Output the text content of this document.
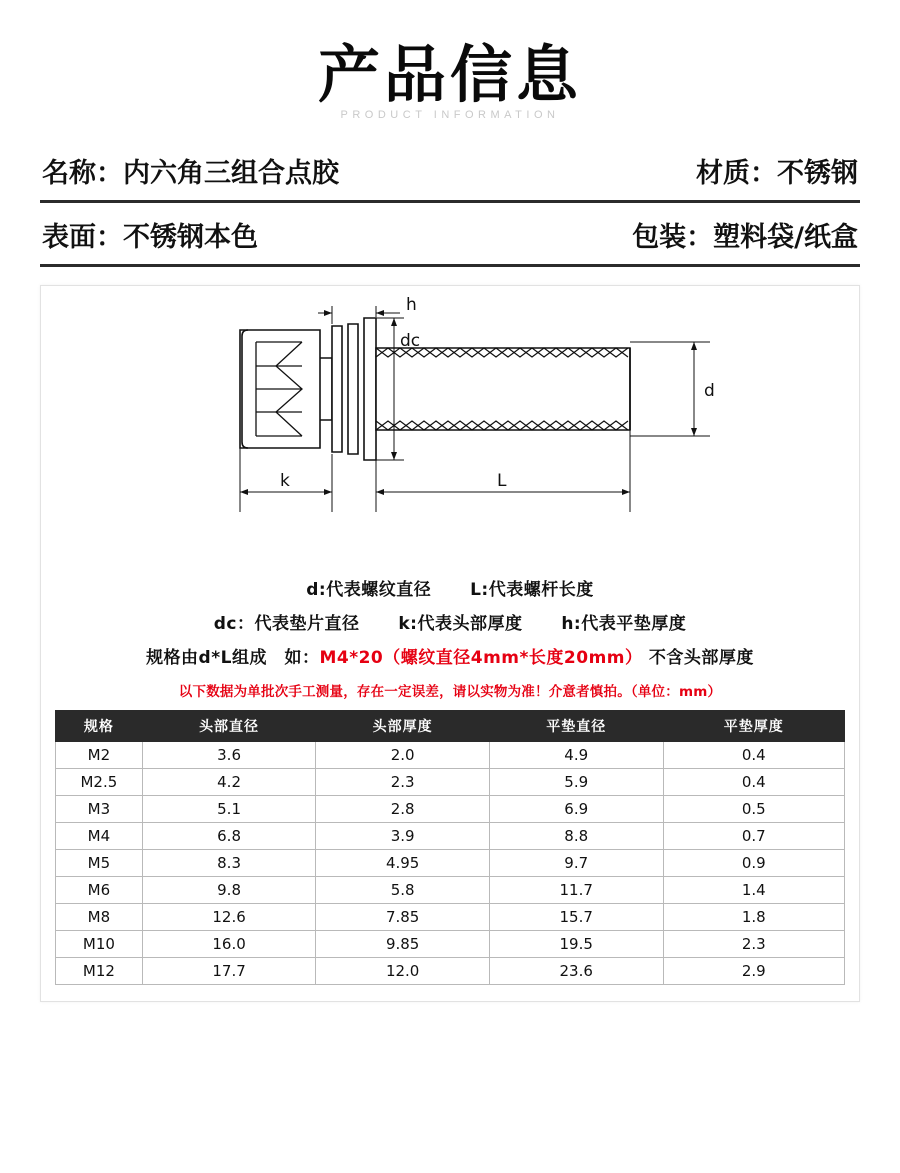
产品信息
PRODUCT INFORMATION
名称：内六角三组合点胶	材质：不锈钢
表面：不锈钢本色	包装：塑料袋/纸盒
h
dc
d
k	L
d:代表螺纹直径 L:代表螺杆长度
dc：代表垫片直径 k:代表头部厚度 h:代表平垫厚度
规格由d*L组成　如：M4*20（螺纹直径4mm*长度20mm） 不含头部厚度
以下数据为单批次手工测量，存在一定误差，请以实物为准！介意者慎拍。（单位：mm）
规格	头部直径	头部厚度	平垫直径	平垫厚度
M2	3.6	2.0	4.9	0.4
M2.5	4.2	2.3	5.9	0.4
M3	5.1	2.8	6.9	0.5
M4	6.8	3.9	8.8	0.7
M5	8.3	4.95	9.7	0.9
M6	9.8	5.8	11.7	1.4
M8	12.6	7.85	15.7	1.8
M10	16.0	9.85	19.5	2.3
M12	17.7	12.0	23.6	2.9
